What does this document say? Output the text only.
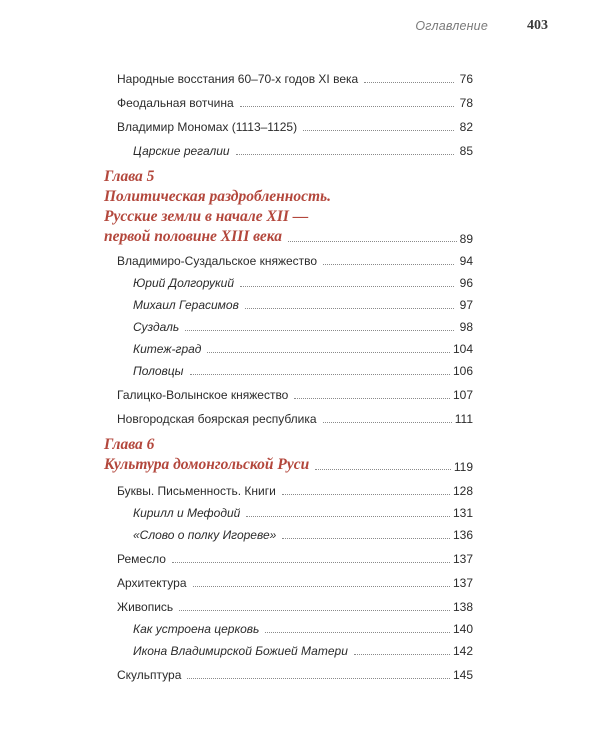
Оглавление	403
Народные восстания 60–70-х годов XI века	76
Феодальная вотчина	78
Владимир Мономах (1113–1125)	82
Царские регалии	85
Глава 5
Политическая раздробленность.
Русские земли в начале XII —
первой половине XIII века	89
Владимиро-Суздальское княжество	94
Юрий Долгорукий	96
Михаил Герасимов	97
Суздаль	98
Китеж-град	104
Половцы	106
Галицко-Волынское княжество	107
Новгородская боярская республика	111
Глава 6
Культура домонгольской Руси	119
Буквы. Письменность. Книги	128
Кирилл и Мефодий	131
«Слово о полку Игореве»	136
Ремесло	137
Архитектура	137
Живопись	138
Как устроена церковь	140
Икона Владимирской Божией Матери	142
Скульптура	145
